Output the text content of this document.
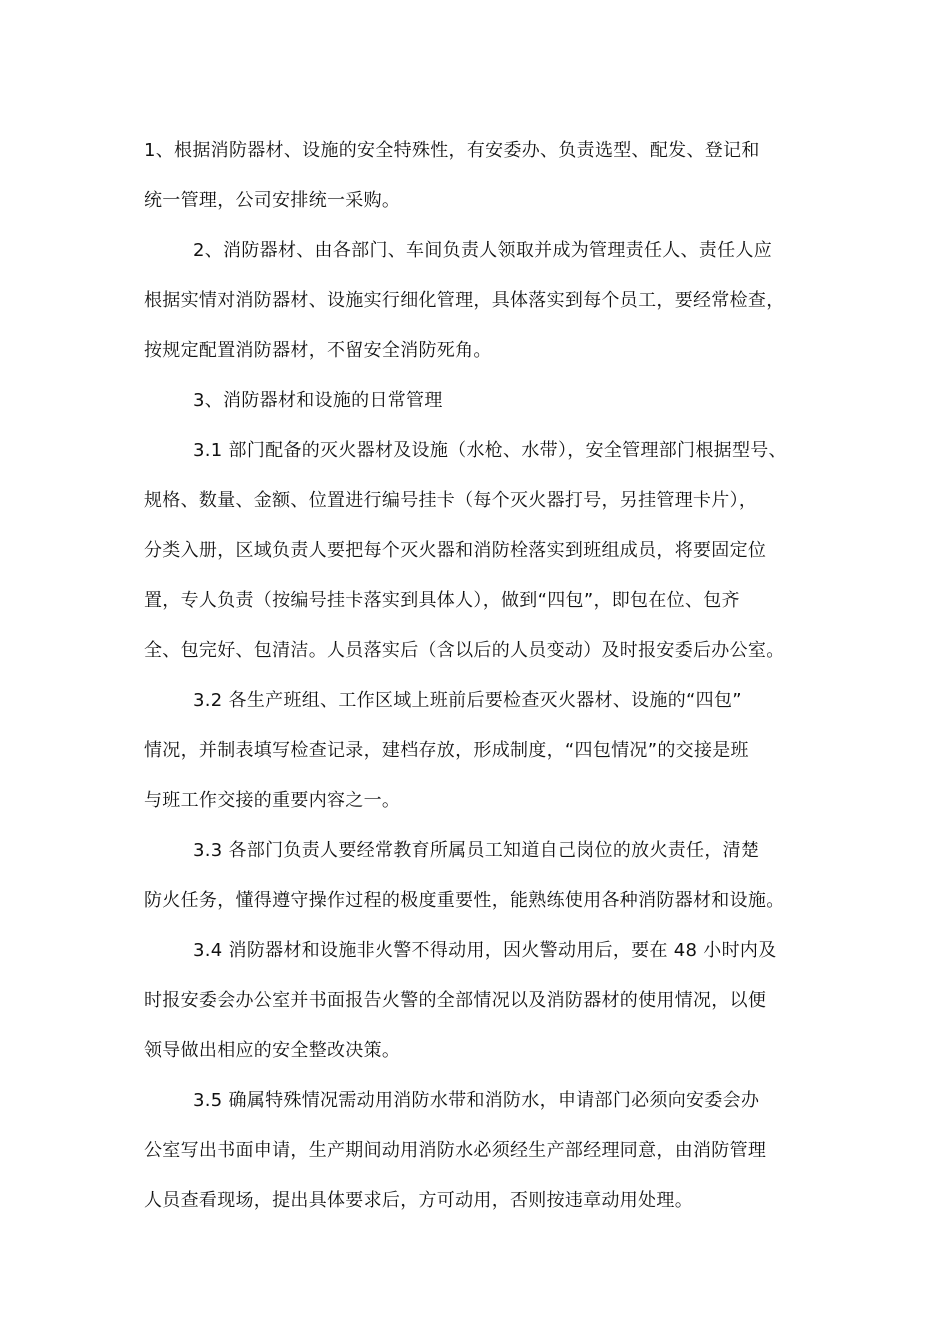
1、根据消防器材、设施的安全特殊性，有安委办、负责选型、配发、登记和
统一管理，公司安排统一采购。
2、消防器材、由各部门、车间负责人领取并成为管理责任人、责任人应
根据实情对消防器材、设施实行细化管理，具体落实到每个员工，要经常检查，
按规定配置消防器材，不留安全消防死角。
3、消防器材和设施的日常管理
3.1 部门配备的灭火器材及设施（水枪、水带），安全管理部门根据型号、
规格、数量、金额、位置进行编号挂卡（每个灭火器打号，另挂管理卡片），
分类入册，区域负责人要把每个灭火器和消防栓落实到班组成员，将要固定位
置，专人负责（按编号挂卡落实到具体人），做到“四包”，即包在位、包齐
全、包完好、包清洁。人员落实后（含以后的人员变动）及时报安委后办公室。
3.2 各生产班组、工作区域上班前后要检查灭火器材、设施的“四包”
情况，并制表填写检查记录，建档存放，形成制度，“四包情况”的交接是班
与班工作交接的重要内容之一。
3.3 各部门负责人要经常教育所属员工知道自己岗位的放火责任，清楚
防火任务，懂得遵守操作过程的极度重要性，能熟练使用各种消防器材和设施。
3.4 消防器材和设施非火警不得动用，因火警动用后，要在 48 小时内及
时报安委会办公室并书面报告火警的全部情况以及消防器材的使用情况，以便
领导做出相应的安全整改决策。
3.5 确属特殊情况需动用消防水带和消防水，申请部门必须向安委会办
公室写出书面申请，生产期间动用消防水必须经生产部经理同意，由消防管理
人员查看现场，提出具体要求后，方可动用，否则按违章动用处理。
